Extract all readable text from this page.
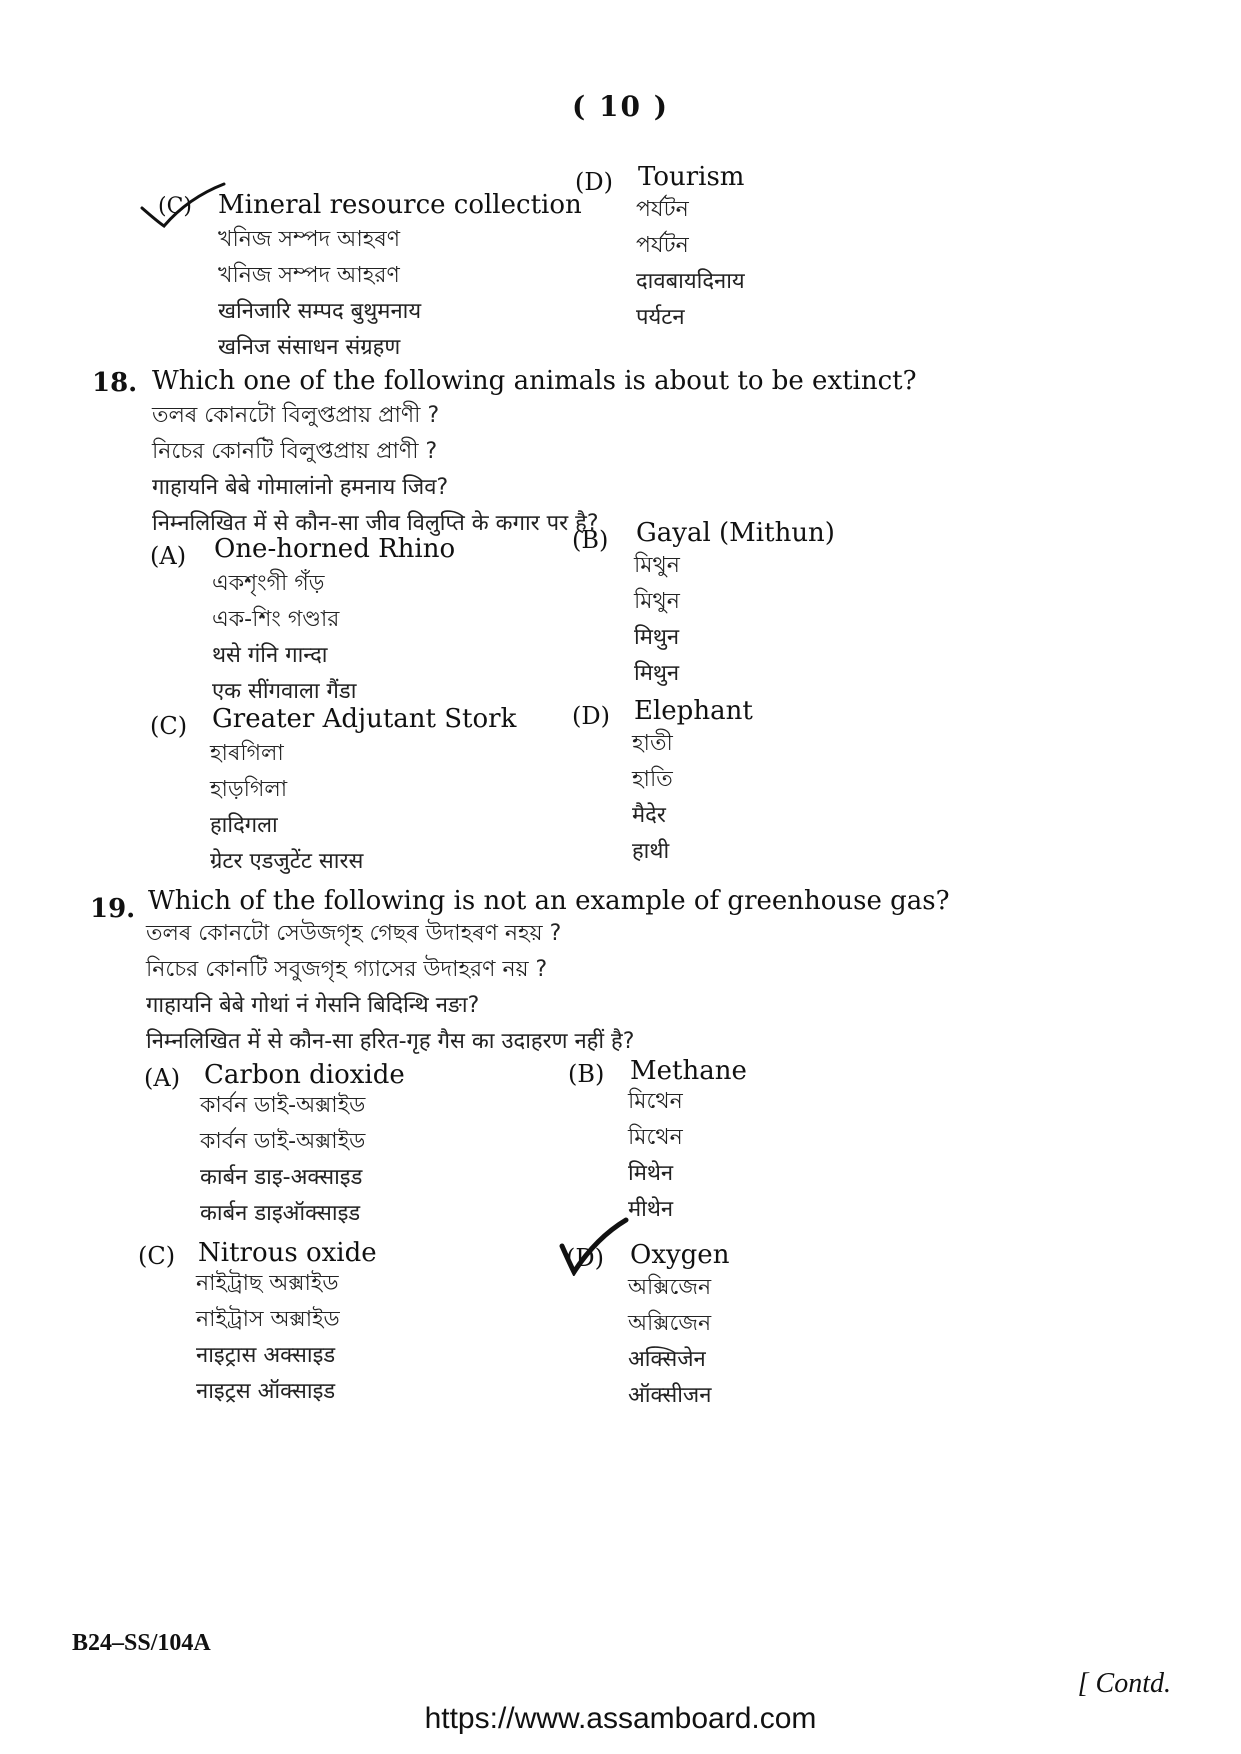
( 10 )
(C) Mineral resource collection
খনিজ সম্পদ আহৰণ
খনিজ সম্পদ আহরণ
खनिजारि सम्पद बुथुमनाय
खनिज संसाधन संग्रहण
(D) Tourism
পৰ্যটন
পর্যটন
दावबायदिनाय
पर्यटन
18. Which one of the following animals is about to be extinct?
তলৰ কোনটো বিলুপ্তপ্ৰায় প্ৰাণী ?
নিচের কোনটি বিলুপ্তপ্রায় প্রাণী ?
गाहायनि बेबे गोमालांनो हमनाय जिव?
निम्नलिखित में से कौन-सा जीव विलुप्ति के कगार पर है?
(A) One-horned Rhino
একশৃংগী গঁড়
এক-শিং গণ্ডার
थसे गंनि गान्दा
एक सींगवाला गैंडा
(B) Gayal (Mithun)
মিথুন
মিথুন
मिथुन
मिथुन
(C) Greater Adjutant Stork
হাৰগিলা
হাড়গিলা
हादिगला
ग्रेटर एडजुटेंट सारस
(D) Elephant
হাতী
হাতি
मैदेर
हाथी
19. Which of the following is not an example of greenhouse gas?
তলৰ কোনটো সেউজগৃহ গেছৰ উদাহৰণ নহয় ?
নিচের কোনটি সবুজগৃহ গ্যাসের উদাহরণ নয় ?
गाहायनि बेबे गोथां नं गेसनि बिदिन्थि नङा?
निम्नलिखित में से कौन-सा हरित-गृह गैस का उदाहरण नहीं है?
(A) Carbon dioxide
কাৰ্বন ডাই-অক্সাইড
কার্বন ডাই-অক্সাইড
कार्बन डाइ-अक्साइड
कार्बन डाइऑक्साइड
(B) Methane
মিথেন
মিথেন
मिथेन
मीथेन
(C) Nitrous oxide
নাইট্ৰাছ অক্সাইড
নাইট্রাস অক্সাইড
नाइट्रास अक्साइड
नाइट्रस ऑक्साइड
(D) Oxygen
অক্সিজেন
অক্সিজেন
अक्सिजेन
ऑक्सीजन
B24–SS/104A
[ Contd.
https://www.assamboard.com
